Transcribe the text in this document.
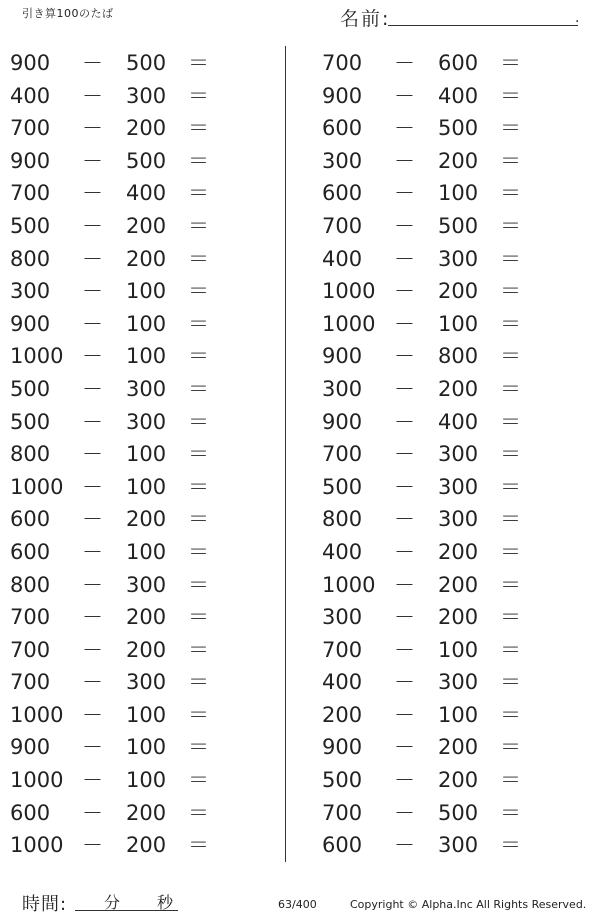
引き算100のたば	名前:	.
900 － 500 ＝
400 － 300 ＝
700 － 200 ＝
900 － 500 ＝
700 － 400 ＝
500 － 200 ＝
800 － 200 ＝
300 － 100 ＝
900 － 100 ＝
1000 － 100 ＝
500 － 300 ＝
500 － 300 ＝
800 － 100 ＝
1000 － 100 ＝
600 － 200 ＝
600 － 100 ＝
800 － 300 ＝
700 － 200 ＝
700 － 200 ＝
700 － 300 ＝
1000 － 100 ＝
900 － 100 ＝
1000 － 100 ＝
600 － 200 ＝
1000 － 200 ＝
700 － 600 ＝
900 － 400 ＝
600 － 500 ＝
300 － 200 ＝
600 － 100 ＝
700 － 500 ＝
400 － 300 ＝
1000 － 200 ＝
1000 － 100 ＝
900 － 800 ＝
300 － 200 ＝
900 － 400 ＝
700 － 300 ＝
500 － 300 ＝
800 － 300 ＝
400 － 200 ＝
1000 － 200 ＝
300 － 200 ＝
700 － 100 ＝
400 － 300 ＝
200 － 100 ＝
900 － 200 ＝
500 － 200 ＝
700 － 500 ＝
600 － 300 ＝
時間: 分 秒	63/400	Copyright © Alpha.Inc All Rights Reserved.
